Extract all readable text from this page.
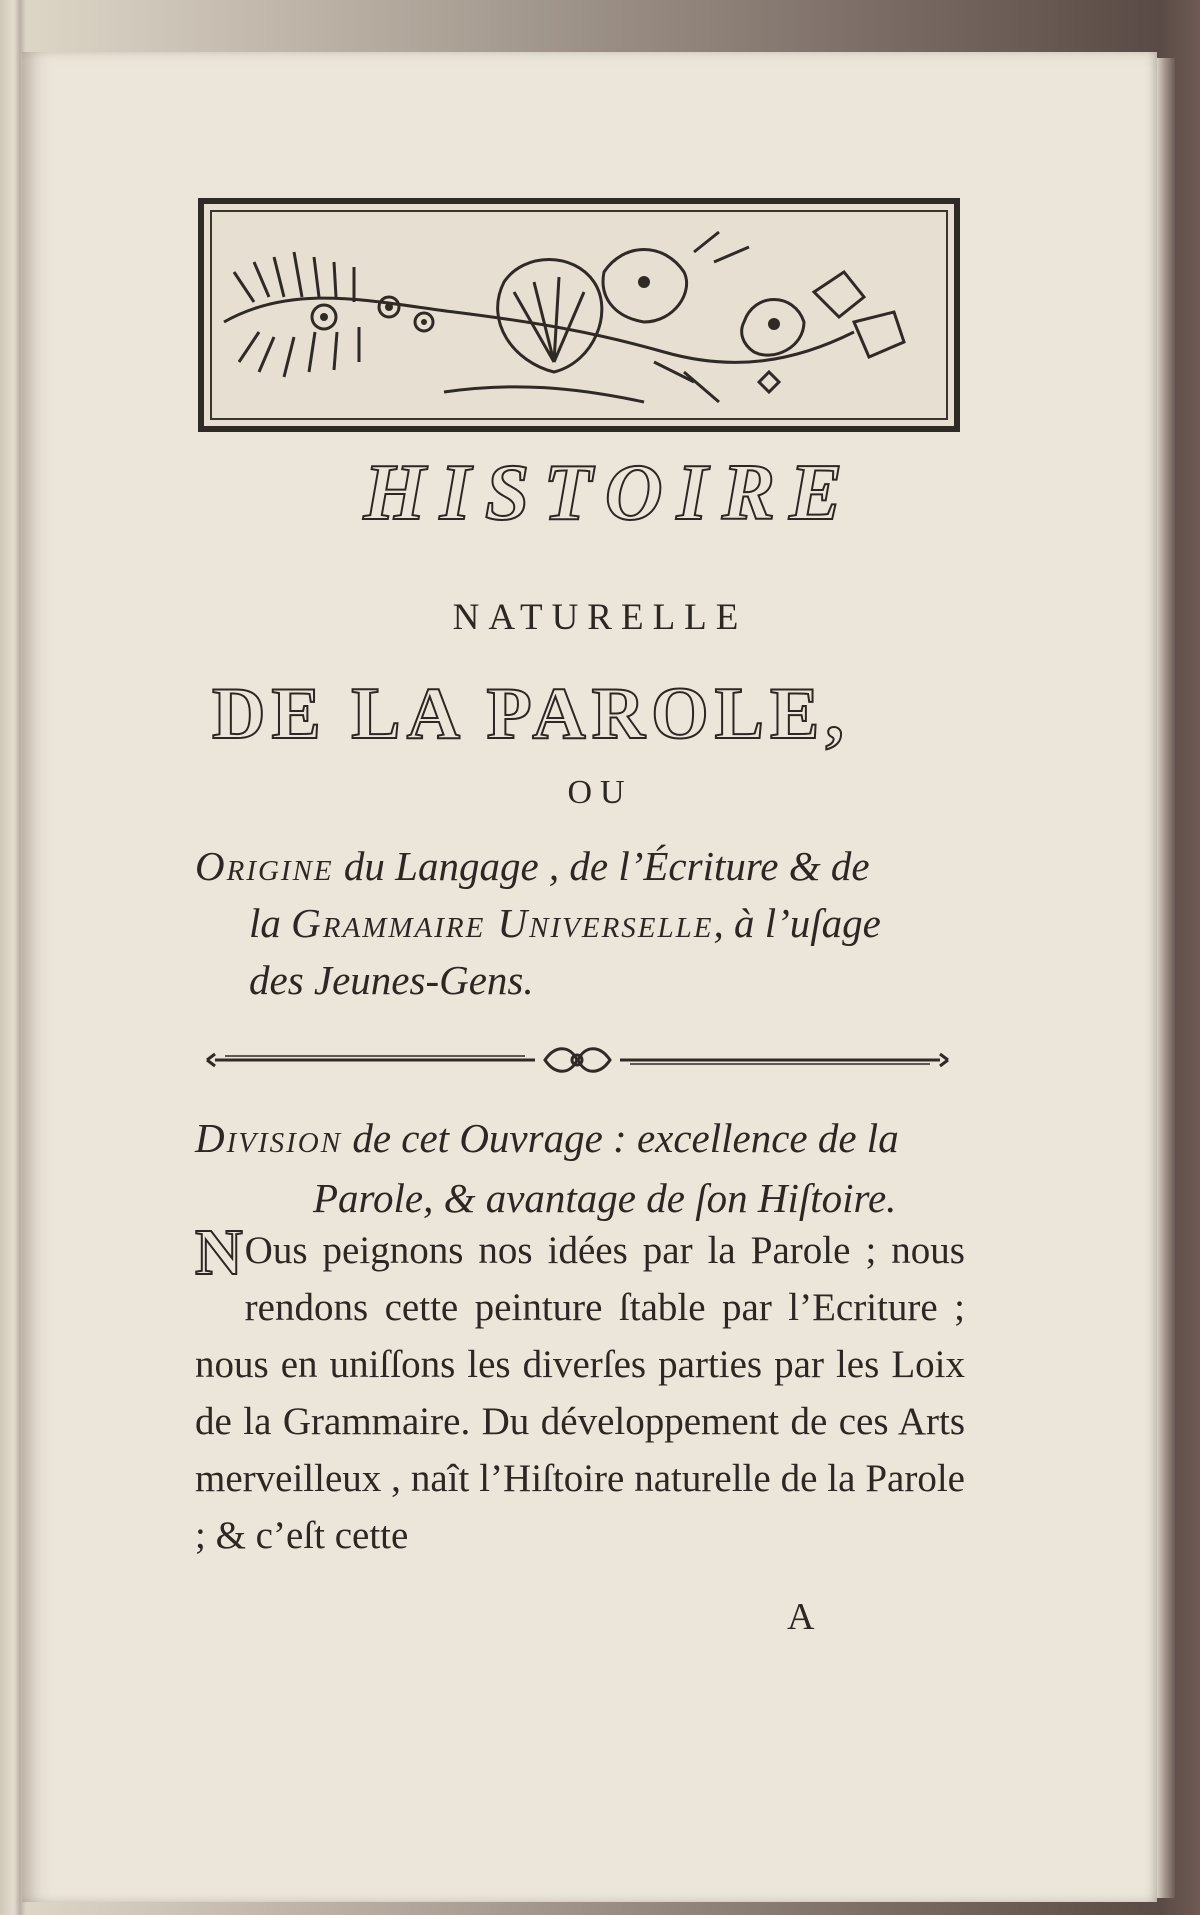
HISTOIRE
NATURELLE
DE LA PAROLE,
OU
Origine du Langage , de l’Écriture & de
la Grammaire Universelle, à l’uſage
des Jeunes-Gens.
Division de cet Ouvrage : excellence de la
Parole, & avantage de ſon Hiſtoire.
N Ous peignons nos idées par la Parole ; nous rendons cette peinture ſtable par l’Ecriture ; nous en uniſſons les diverſes parties par les Loix de la Grammaire. Du développement de ces Arts merveilleux , naît l’Hiſtoire naturelle de la Parole ; & c’eſt cette
A
